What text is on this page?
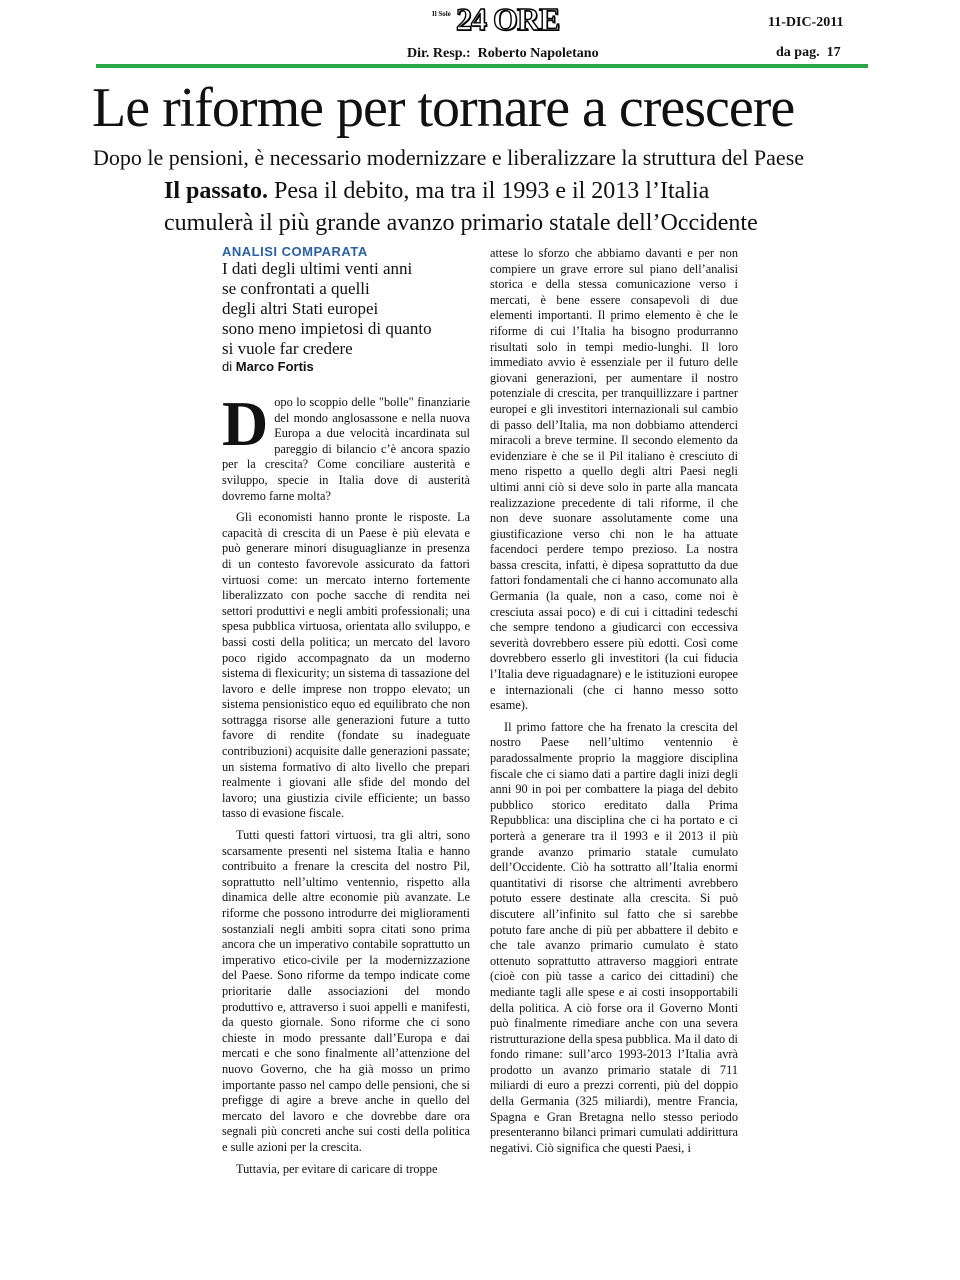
Il Sole 24 ORE	11-DIC-2011
Dir. Resp.: Roberto Napoletano	da pag. 17
Le riforme per tornare a crescere
Dopo le pensioni, è necessario modernizzare e liberalizzare la struttura del Paese
Il passato. Pesa il debito, ma tra il 1993 e il 2013 l’Italia
cumulerà il più grande avanzo primario statale dell’Occidente
ANALISI COMPARATA
I dati degli ultimi venti anni
se confrontati a quelli
degli altri Stati europei
sono meno impietosi di quanto
si vuole far credere
di Marco Fortis

Dopo lo scoppio delle "bolle" finanziarie del mondo anglosassone e nella nuova Europa a due velocità incardinata sul pareggio di bilancio c’è ancora spazio per la crescita? Come conciliare austerità e sviluppo, specie in Italia dove di austerità dovremo farne molta?

Gli economisti hanno pronte le risposte. La capacità di crescita di un Paese è più elevata e può generare minori disuguaglianze in presenza di un contesto favorevole assicurato da fattori virtuosi come: un mercato interno fortemente liberalizzato con poche sacche di rendita nei settori produttivi e negli ambiti professionali; una spesa pubblica virtuosa, orientata allo sviluppo, e bassi costi della politica; un mercato del lavoro poco rigido accompagnato da un moderno sistema di flexicurity; un sistema di tassazione del lavoro e delle imprese non troppo elevato; un sistema pensionistico equo ed equilibrato che non sottragga risorse alle generazioni future a tutto favore di rendite (fondate su inadeguate contribuzioni) acquisite dalle generazioni passate; un sistema formativo di alto livello che prepari realmente i giovani alle sfide del mondo del lavoro; una giustizia civile efficiente; un basso tasso di evasione fiscale.

Tutti questi fattori virtuosi, tra gli altri, sono scarsamente presenti nel sistema Italia e hanno contribuito a frenare la crescita del nostro Pil, soprattutto nell’ultimo ventennio, rispetto alla dinamica delle altre economie più avanzate. Le riforme che possono introdurre dei miglioramenti sostanziali negli ambiti sopra citati sono prima ancora che un imperativo contabile soprattutto un imperativo etico-civile per la modernizzazione del Paese. Sono riforme da tempo indicate come prioritarie dalle associazioni del mondo produttivo e, attraverso i suoi appelli e manifesti, da questo giornale. Sono riforme che ci sono chieste in modo pressante dall’Europa e dai mercati e che sono finalmente all’attenzione del nuovo Governo, che ha già mosso un primo importante passo nel campo delle pensioni, che si prefigge di agire a breve anche in quello del mercato del lavoro e che dovrebbe dare ora segnali più concreti anche sui costi della politica e sulle azioni per la crescita.

Tuttavia, per evitare di caricare di troppe

attese lo sforzo che abbiamo davanti e per non compiere un grave errore sul piano dell’analisi storica e della stessa comunicazione verso i mercati, è bene essere consapevoli di due elementi importanti. Il primo elemento è che le riforme di cui l’Italia ha bisogno produrranno risultati solo in tempi medio-lunghi. Il loro immediato avvio è essenziale per il futuro delle giovani generazioni, per aumentare il nostro potenziale di crescita, per tranquillizzare i partner europei e gli investitori internazionali sul cambio di passo dell’Italia, ma non dobbiamo attenderci miracoli a breve termine. Il secondo elemento da evidenziare è che se il Pil italiano è cresciuto di meno rispetto a quello degli altri Paesi negli ultimi anni ciò si deve solo in parte alla mancata realizzazione precedente di tali riforme, il che non deve suonare assolutamente come una giustificazione verso chi non le ha attuate facendoci perdere tempo prezioso. La nostra bassa crescita, infatti, è dipesa soprattutto da due fattori fondamentali che ci hanno accomunato alla Germania (la quale, non a caso, come noi è cresciuta assai poco) e di cui i cittadini tedeschi che sempre tendono a giudicarci con eccessiva severità dovrebbero essere più edotti. Così come dovrebbero esserlo gli investitori (la cui fiducia l’Italia deve riguadagnare) e le istituzioni europee e internazionali (che ci hanno messo sotto esame).

Il primo fattore che ha frenato la crescita del nostro Paese nell’ultimo ventennio è paradossalmente proprio la maggiore disciplina fiscale che ci siamo dati a partire dagli inizi degli anni 90 in poi per combattere la piaga del debito pubblico storico ereditato dalla Prima Repubblica: una disciplina che ci ha portato e ci porterà a generare tra il 1993 e il 2013 il più grande avanzo primario statale cumulato dell’Occidente. Ciò ha sottratto all’Italia enormi quantitativi di risorse che altrimenti avrebbero potuto essere destinate alla crescita. Si può discutere all’infinito sul fatto che si sarebbe potuto fare anche di più per abbattere il debito e che tale avanzo primario cumulato è stato ottenuto soprattutto attraverso maggiori entrate (cioè con più tasse a carico dei cittadini) che mediante tagli alle spese e ai costi insopportabili della politica. A ciò forse ora il Governo Monti può finalmente rimediare anche con una severa ristrutturazione della spesa pubblica. Ma il dato di fondo rimane: sull’arco 1993-2013 l’Italia avrà prodotto un avanzo primario statale di 711 miliardi di euro a prezzi correnti, più del doppio della Germania (325 miliardi), mentre Francia, Spagna e Gran Bretagna nello stesso periodo presenteranno bilanci primari cumulati addirittura negativi. Ciò significa che questi Paesi, i
